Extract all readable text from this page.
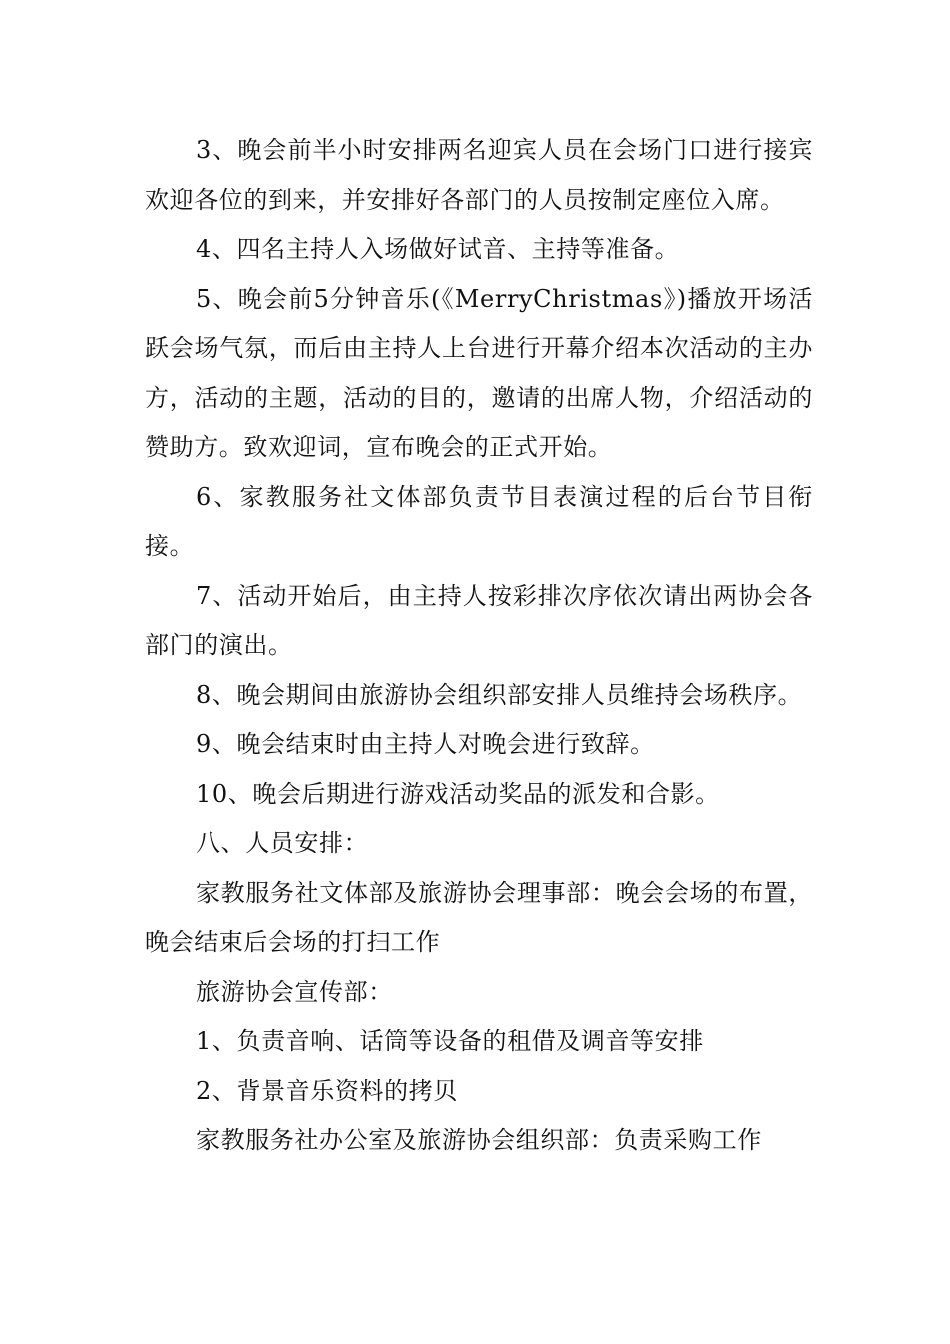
3、晚会前半小时安排两名迎宾人员在会场门口进行接宾欢迎各位的到来，并安排好各部门的人员按制定座位入席。

4、四名主持人入场做好试音、主持等准备。

5、晚会前5分钟音乐(《MerryChristmas》)播放开场活跃会场气氛，而后由主持人上台进行开幕介绍本次活动的主办方，活动的主题，活动的目的，邀请的出席人物，介绍活动的赞助方。致欢迎词，宣布晚会的正式开始。

6、家教服务社文体部负责节目表演过程的后台节目衔接。

7、活动开始后，由主持人按彩排次序依次请出两协会各部门的演出。

8、晚会期间由旅游协会组织部安排人员维持会场秩序。

9、晚会结束时由主持人对晚会进行致辞。

10、晚会后期进行游戏活动奖品的派发和合影。

八、人员安排：

家教服务社文体部及旅游协会理事部：晚会会场的布置，晚会结束后会场的打扫工作

旅游协会宣传部：

1、负责音响、话筒等设备的租借及调音等安排

2、背景音乐资料的拷贝

家教服务社办公室及旅游协会组织部：负责采购工作
